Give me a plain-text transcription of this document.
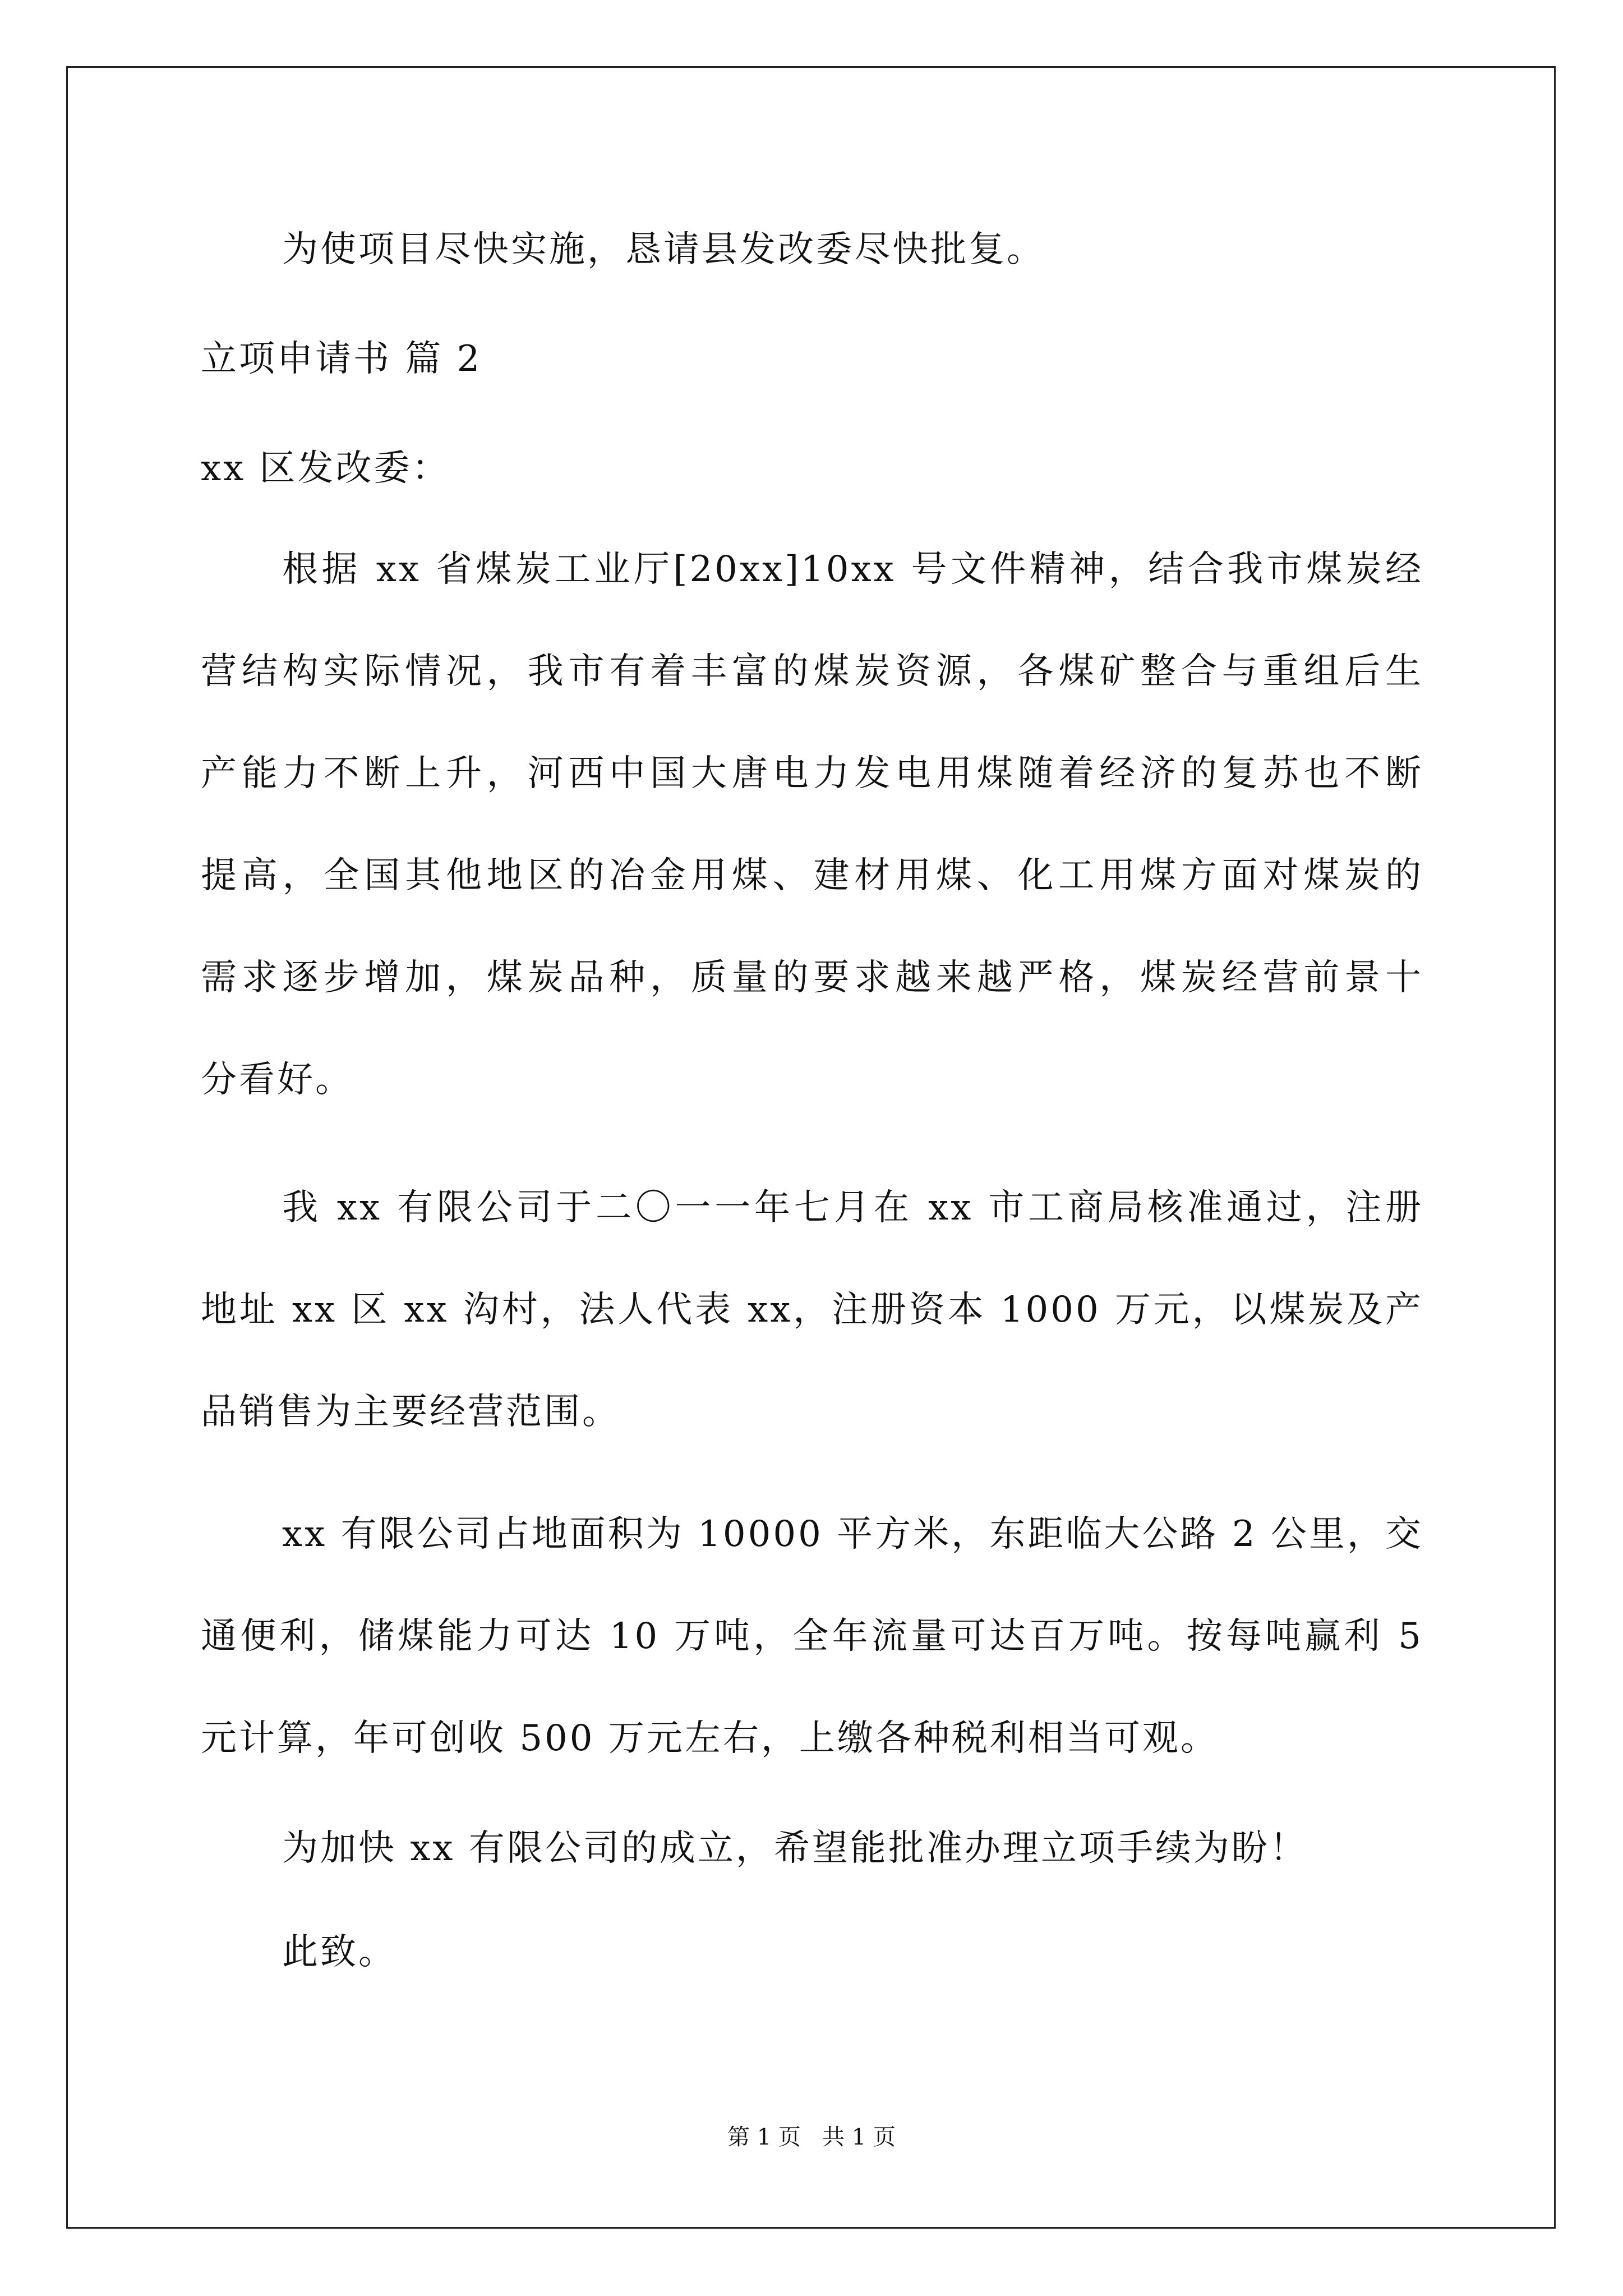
为使项目尽快实施，恳请县发改委尽快批复。
立项申请书 篇 2
xx 区发改委：
根据 xx 省煤炭工业厅[20xx]10xx 号文件精神，结合我市煤炭经
营结构实际情况，我市有着丰富的煤炭资源，各煤矿整合与重组后生
产能力不断上升，河西中国大唐电力发电用煤随着经济的复苏也不断
提高，全国其他地区的冶金用煤、建材用煤、化工用煤方面对煤炭的
需求逐步增加，煤炭品种，质量的要求越来越严格，煤炭经营前景十
分看好。
我 xx 有限公司于二〇一一年七月在 xx 市工商局核准通过，注册
地址 xx 区 xx 沟村，法人代表 xx，注册资本 1000 万元，以煤炭及产
品销售为主要经营范围。
xx 有限公司占地面积为 10000 平方米，东距临大公路 2 公里，交
通便利，储煤能力可达 10 万吨，全年流量可达百万吨。按每吨赢利 5
元计算，年可创收 500 万元左右，上缴各种税利相当可观。
为加快 xx 有限公司的成立，希望能批准办理立项手续为盼！
此致。
第 1 页   共 1 页
